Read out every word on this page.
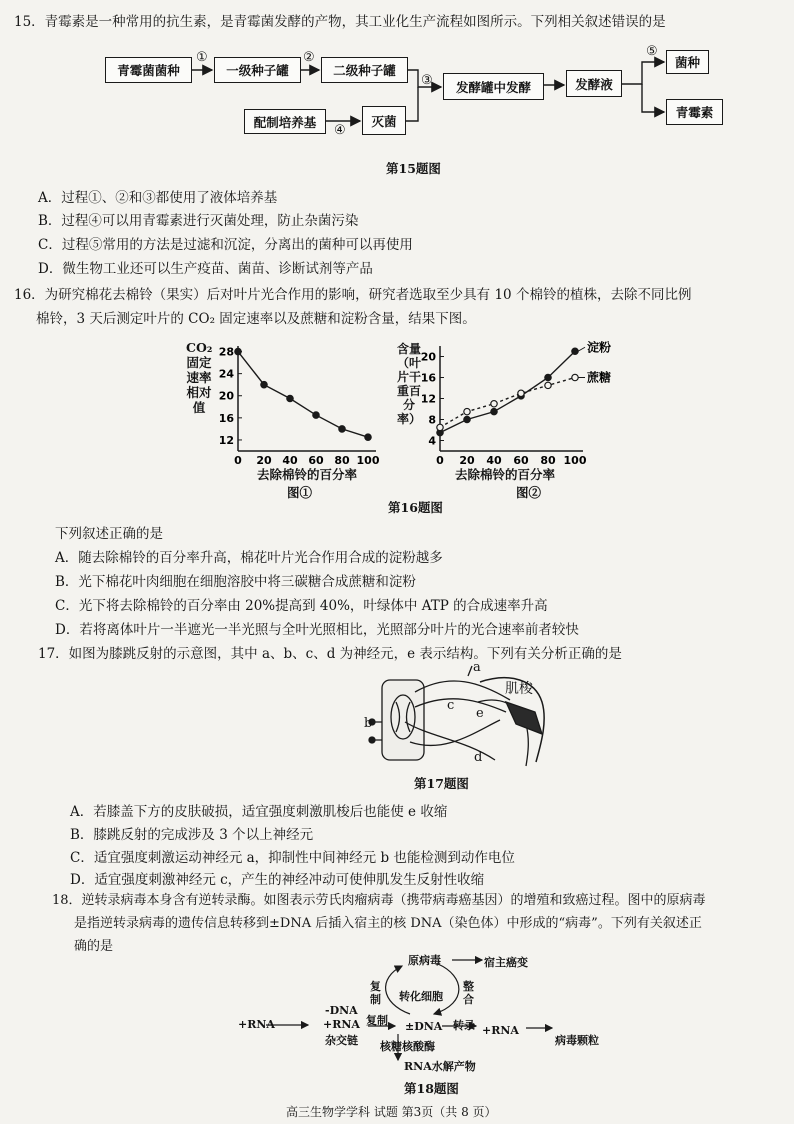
15．青霉素是一种常用的抗生素，是青霉菌发酵的产物，其工业化生产流程如图所示。下列相关叙述错误的是
青霉菌菌种	一级种子罐	二级种子罐
配制培养基	灭菌
发酵罐中发酵	发酵液
菌种
青霉素
①	②
③
④
⑤
第15题图
A．过程①、②和③都使用了液体培养基
B．过程④可以用青霉素进行灭菌处理，防止杂菌污染
C．过程⑤常用的方法是过滤和沉淀，分离出的菌种可以再使用
D．微生物工业还可以生产疫苗、菌苗、诊断试剂等产品
16．为研究棉花去棉铃（果实）后对叶片光合作用的影响，研究者选取至少具有 10 个棉铃的植株，去除不同比例
棉铃，3 天后测定叶片的 CO₂ 固定速率以及蔗糖和淀粉含量，结果下图。
CO₂固定速率相对值
12
16
20
24
28
0 20 40 60 80 100
去除棉铃的百分率
图①
含量（叶片干重百分率）
4
8
12
16
20
0 20 40 60 80 100
淀粉
蔗糖
去除棉铃的百分率
图②
第16题图
下列叙述正确的是
A．随去除棉铃的百分率升高，棉花叶片光合作用合成的淀粉越多
B．光下棉花叶肉细胞在细胞溶胶中将三碳糖合成蔗糖和淀粉
C．光下将去除棉铃的百分率由 20%提高到 40%，叶绿体中 ATP 的合成速率升高
D．若将离体叶片一半遮光一半光照与全叶光照相比，光照部分叶片的光合速率前者较快
17．如图为膝跳反射的示意图，其中 a、b、c、d 为神经元，e 表示结构。下列有关分析正确的是
a
b
c
d
e
肌梭
第17题图
A．若膝盖下方的皮肤破损，适宜强度刺激肌梭后也能使 e 收缩
B．膝跳反射的完成涉及 3 个以上神经元
C．适宜强度刺激运动神经元 a，抑制性中间神经元 b 也能检测到动作电位
D．适宜强度刺激神经元 c，产生的神经冲动可使伸肌发生反射性收缩
18．逆转录病毒本身含有逆转录酶。如图表示劳氏肉瘤病毒（携带病毒癌基因）的增殖和致癌过程。图中的原病毒
是指逆转录病毒的遗传信息转移到±DNA 后插入宿主的核 DNA（染色体）中形成的“病毒”。下列有关叙述正
确的是
原病毒	宿主癌变
复制 转化细胞
整合
+RNA
-DNA
+RNA
杂交链
复制 ±DNA 转录 +RNA
病毒颗粒
核糖核酸酶
RNA水解产物
第18题图
高三生物学学科 试题 第3页（共 8 页）
